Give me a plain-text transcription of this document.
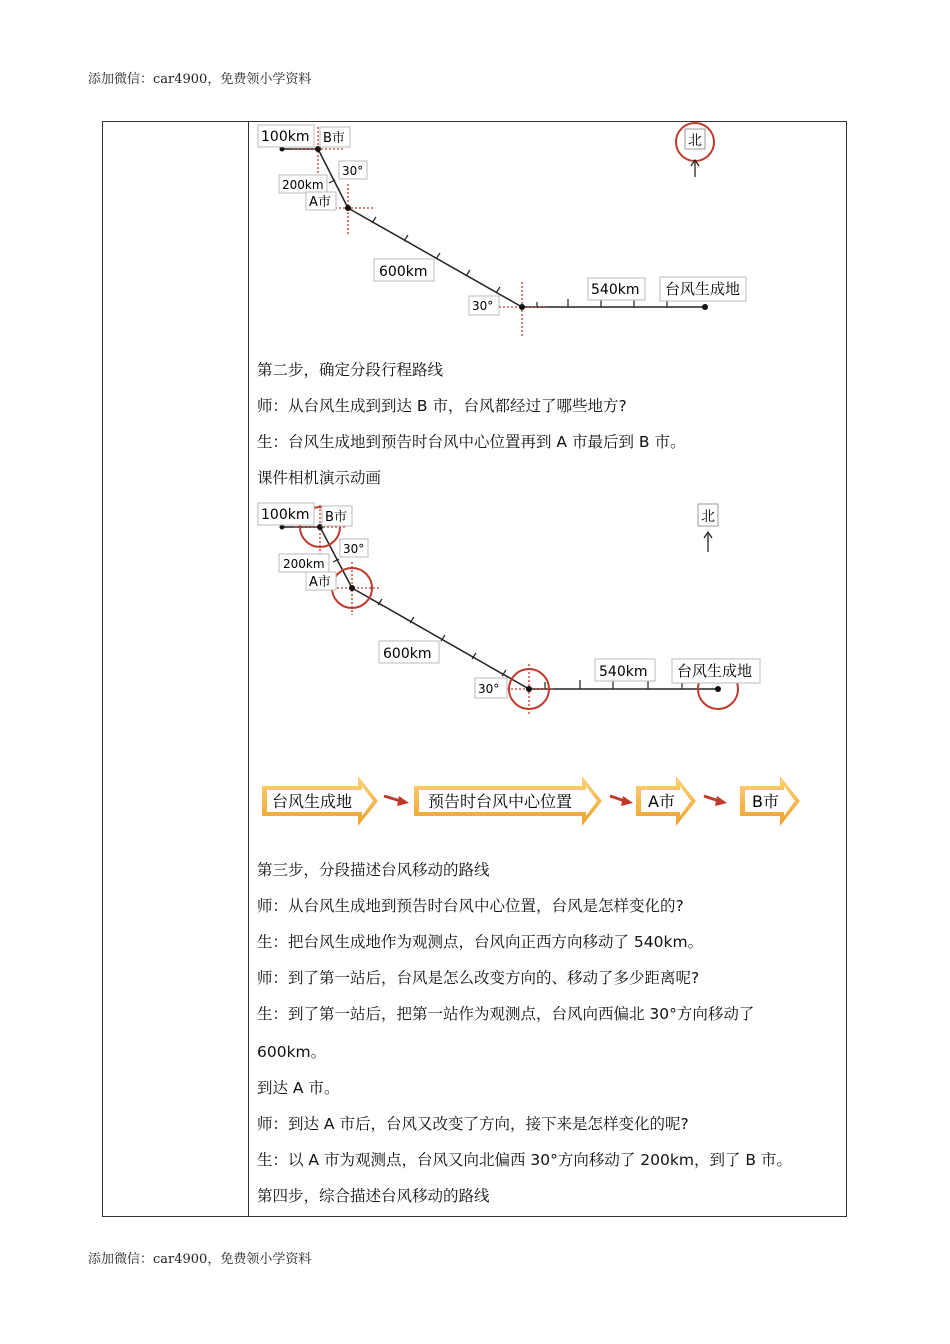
添加微信：car4900，免费领小学资料
北
100km B市
30°
200km
A市
600km
30°
540km 台风生成地
北
100km B市
30°
200km
A市
600km
30°
540km 台风生成地
台风生成地	预告时台风中心位置	A市	B市
第二步，确定分段行程路线
师：从台风生成到到达 B 市，台风都经过了哪些地方?
生：台风生成地到预告时台风中心位置再到 A 市最后到 B 市。
课件相机演示动画
第三步，分段描述台风移动的路线
师：从台风生成地到预告时台风中心位置，台风是怎样变化的?
生：把台风生成地作为观测点，台风向正西方向移动了 540km。
师：到了第一站后，台风是怎么改变方向的、移动了多少距离呢?
生：到了第一站后，把第一站作为观测点，台风向西偏北 30°方向移动了
600km。
到达 A 市。
师：到达 A 市后，台风又改变了方向，接下来是怎样变化的呢?
生：以 A 市为观测点，台风又向北偏西 30°方向移动了 200km，到了 B 市。
第四步，综合描述台风移动的路线
添加微信：car4900，免费领小学资料
